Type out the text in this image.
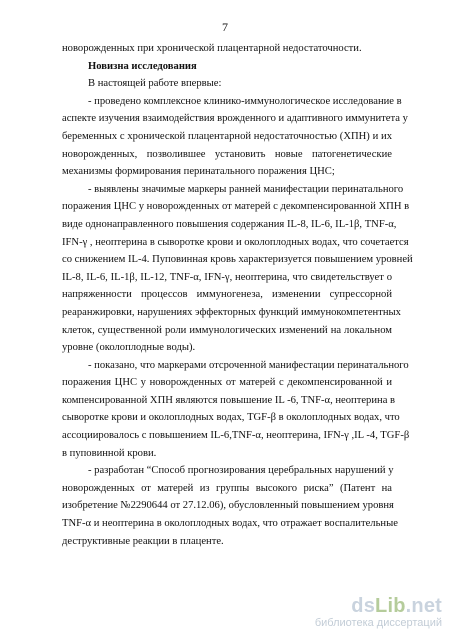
7
новорожденных при хронической плацентарной недостаточности.
Новизна исследования
В настоящей работе впервые:
- проведено комплексное клинико-иммунологическое исследование в
аспекте изучения взаимодействия врожденного и адаптивного иммунитета у
беременных с хронической плацентарной недостаточностью (ХПН) и их
новорожденных, позволившее установить новые патогенетические
механизмы формирования перинатального поражения ЦНС;
- выявлены значимые маркеры ранней манифестации перинатального
поражения ЦНС у новорожденных от матерей с декомпенсированной ХПН в
виде однонаправленного повышения содержания IL-8, IL-6, IL-1β, TNF-α,
IFN-γ , неоптерина в сыворотке крови и околоплодных водах, что сочетается
со снижением IL-4. Пуповинная кровь характеризуется повышением уровней
IL-8, IL-6, IL-1β, IL-12, TNF-α, IFN-γ, неоптерина, что свидетельствует о
напряженности процессов иммуногенеза, изменении супрессорной
реаранжировки, нарушениях эффекторных функций иммунокомпетентных
клеток, существенной роли иммунологических изменений на локальном
уровне (околоплодные воды).
- показано, что маркерами отсроченной манифестации перинатального
поражения ЦНС у новорожденных от матерей с декомпенсированной и
компенсированной ХПН являются повышение IL -6, TNF-α, неоптерина в
сыворотке крови и околоплодных водах, TGF-β в околоплодных водах, что
ассоциировалось с повышением IL-6,TNF-α, неоптерина, IFN-γ ,IL -4, TGF-β
в пуповинной крови.
- разработан “Способ прогнозирования церебральных нарушений у
новорожденных от матерей из группы высокого риска” (Патент на
изобретение №2290644 от 27.12.06), обусловленный повышением уровня
TNF-α и неоптерина в околоплодных водах, что отражает воспалительные
деструктивные реакции в плаценте.
dsLib.net
библиотека диссертаций
